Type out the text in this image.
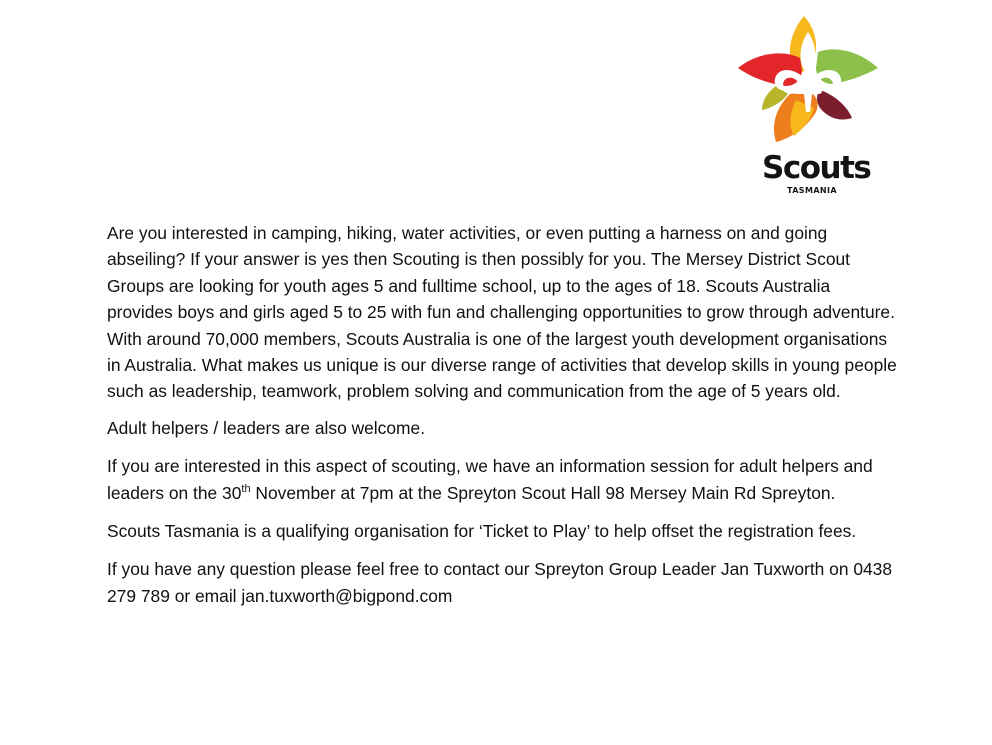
Scouts
TASMANIA

Are you interested in camping, hiking, water activities, or even putting a harness on and going abseiling? If your answer is yes then Scouting is then possibly for you. The Mersey District Scout Groups are looking for youth ages 5 and fulltime school, up to the ages of 18. Scouts Australia provides boys and girls aged 5 to 25 with fun and challenging opportunities to grow through adventure. With around 70,000 members, Scouts Australia is one of the largest youth development organisations in Australia. What makes us unique is our diverse range of activities that develop skills in young people such as leadership, teamwork, problem solving and communication from the age of 5 years old.

Adult helpers / leaders are also welcome.

If you are interested in this aspect of scouting, we have an information session for adult helpers and leaders on the 30th November at 7pm at the Spreyton Scout Hall 98 Mersey Main Rd Spreyton.

Scouts Tasmania is a qualifying organisation for ‘Ticket to Play’ to help offset the registration fees.

If you have any question please feel free to contact our Spreyton Group Leader Jan Tuxworth on 0438 279 789 or email jan.tuxworth@bigpond.com
